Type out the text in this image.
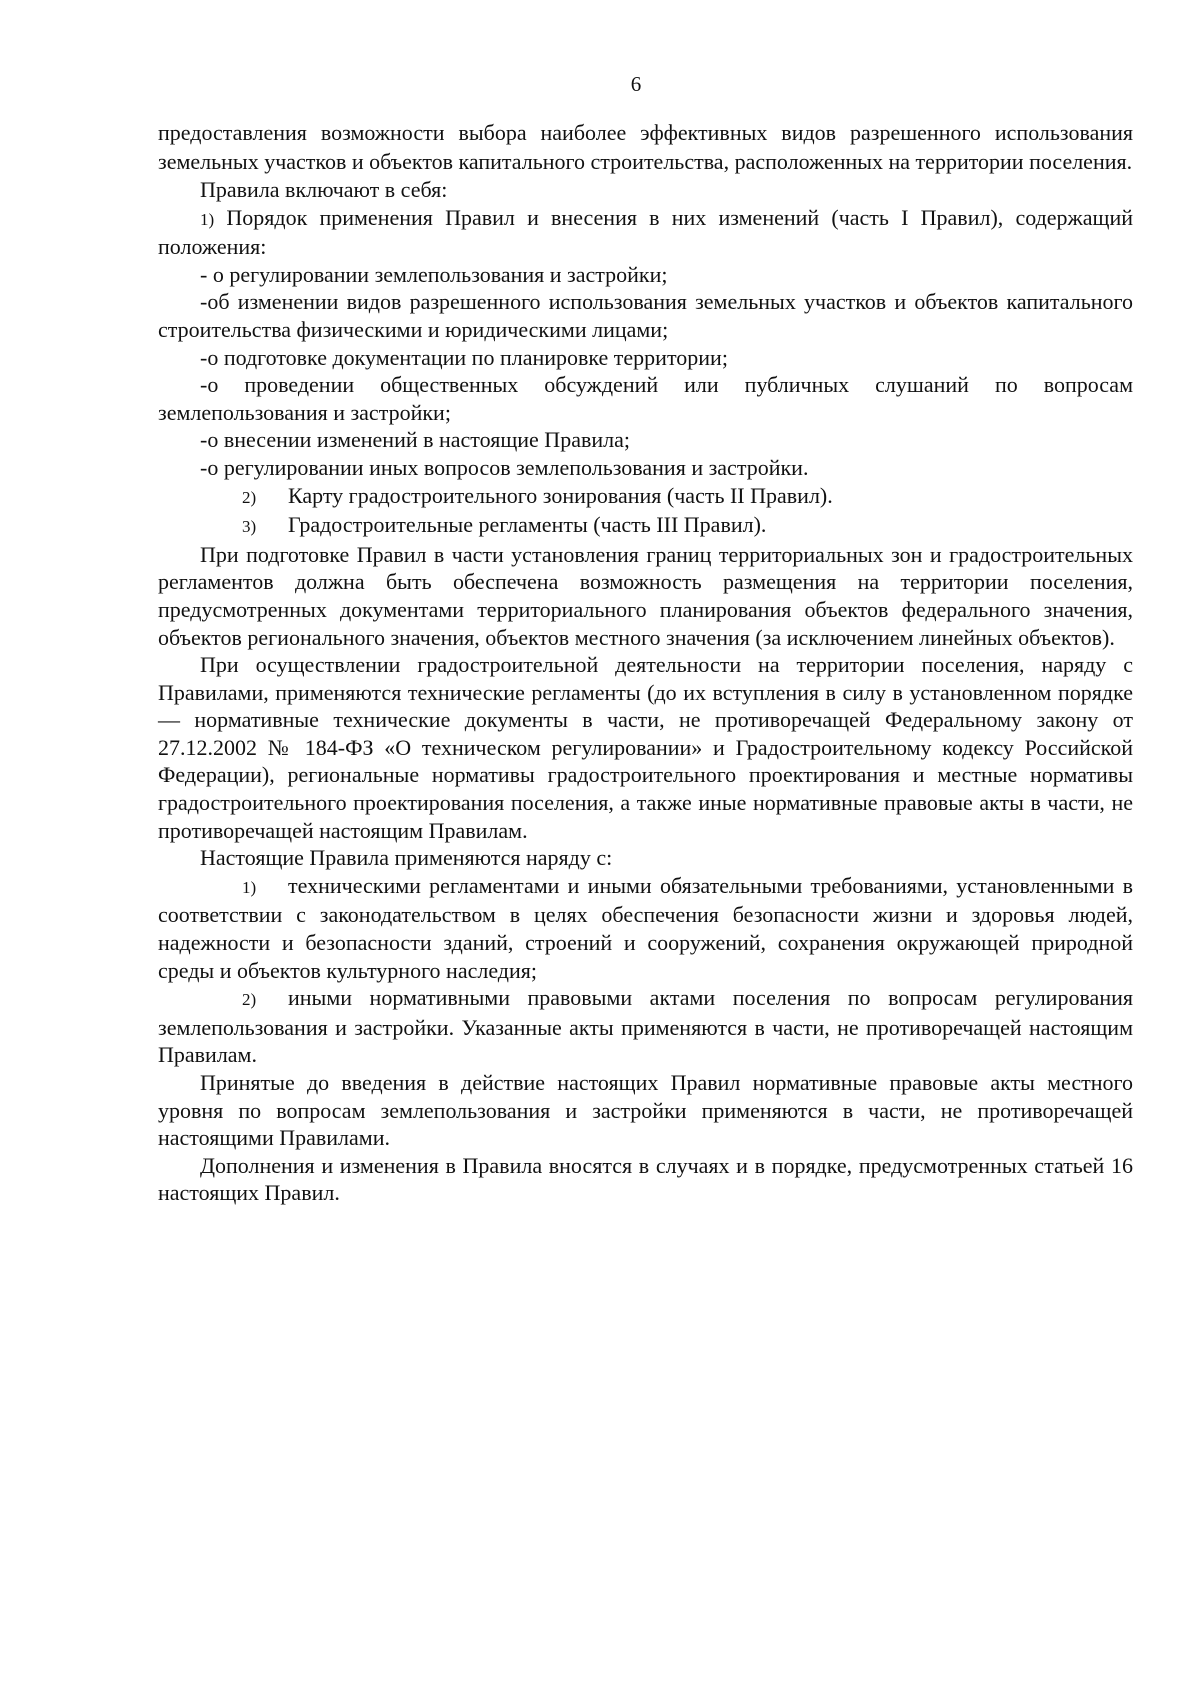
6

предоставления возможности выбора наиболее эффективных видов разрешенного использования земельных участков и объектов капитального строительства, расположенных на территории поселения.

Правила включают в себя:

1) Порядок применения Правил и внесения в них изменений (часть I Правил), содержащий положения:

- о регулировании землепользования и застройки;

-об изменении видов разрешенного использования земельных участков и объектов капитального строительства физическими и юридическими лицами;

-о подготовке документации по планировке территории;

-о проведении общественных обсуждений или публичных слушаний по вопросам землепользования и застройки;

-о внесении изменений в настоящие Правила;

-о регулировании иных вопросов землепользования и застройки.

2) Карту градостроительного зонирования (часть II Правил).

3) Градостроительные регламенты (часть III Правил).

При подготовке Правил в части установления границ территориальных зон и градостроительных регламентов должна быть обеспечена возможность размещения на территории поселения, предусмотренных документами территориального планирования объектов федерального значения, объектов регионального значения, объектов местного значения (за исключением линейных объектов).

При осуществлении градостроительной деятельности на территории поселения, наряду с Правилами, применяются технические регламенты (до их вступления в силу в установленном порядке — нормативные технические документы в части, не противоречащей Федеральному закону от 27.12.2002 № 184-ФЗ «О техническом регулировании» и Градостроительному кодексу Российской Федерации), региональные нормативы градостроительного проектирования и местные нормативы градостроительного проектирования поселения, а также иные нормативные правовые акты в части, не противоречащей настоящим Правилам.

Настоящие Правила применяются наряду с:

1) техническими регламентами и иными обязательными требованиями, установленными в соответствии с законодательством в целях обеспечения безопасности жизни и здоровья людей, надежности и безопасности зданий, строений и сооружений, сохранения окружающей природной среды и объектов культурного наследия;

2) иными нормативными правовыми актами поселения по вопросам регулирования землепользования и застройки. Указанные акты применяются в части, не противоречащей настоящим Правилам.

Принятые до введения в действие настоящих Правил нормативные правовые акты местного уровня по вопросам землепользования и застройки применяются в части, не противоречащей настоящими Правилами.

Дополнения и изменения в Правила вносятся в случаях и в порядке, предусмотренных статьей 16 настоящих Правил.
